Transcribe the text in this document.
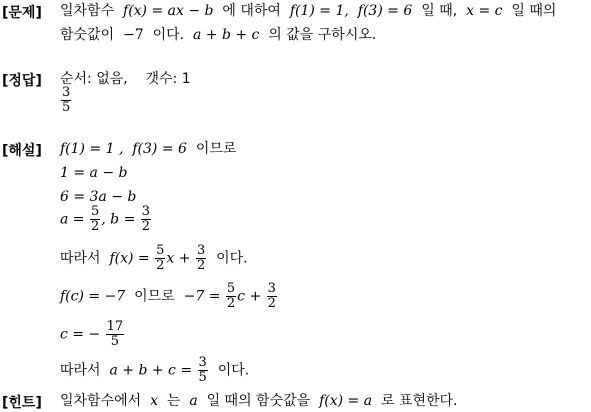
[문제]
[정답]
[해설]
[힌트]
일차함수 f(x) = ax − b 에 대하여 f(1) = 1, f(3) = 6 일 때, x = c 일 때의
함숫값이 −7 이다. a + b + c 의 값을 구하시오.
순서: 없음, 갯수: 1
$\frac{3}{5}$
f(1) = 1 , f(3) = 6 이므로
1 = a − b
6 = 3a − b
$a = \frac{5}{2}$ , $b = \frac{3}{2}$
따라서 $f(x) = \frac{5}{2}$ $x + \frac{3}{2}$ 이다.
f(c) = −7 이므로 $-7 = \frac{5}{2}$ $c + \frac{3}{2}$
c = − $\frac{17}{5}$
따라서 $a + b + c = \frac{3}{5}$ 이다.
일차함수에서 x 는 a 일 때의 함숫값을 f(x) = a 로 표현한다.
